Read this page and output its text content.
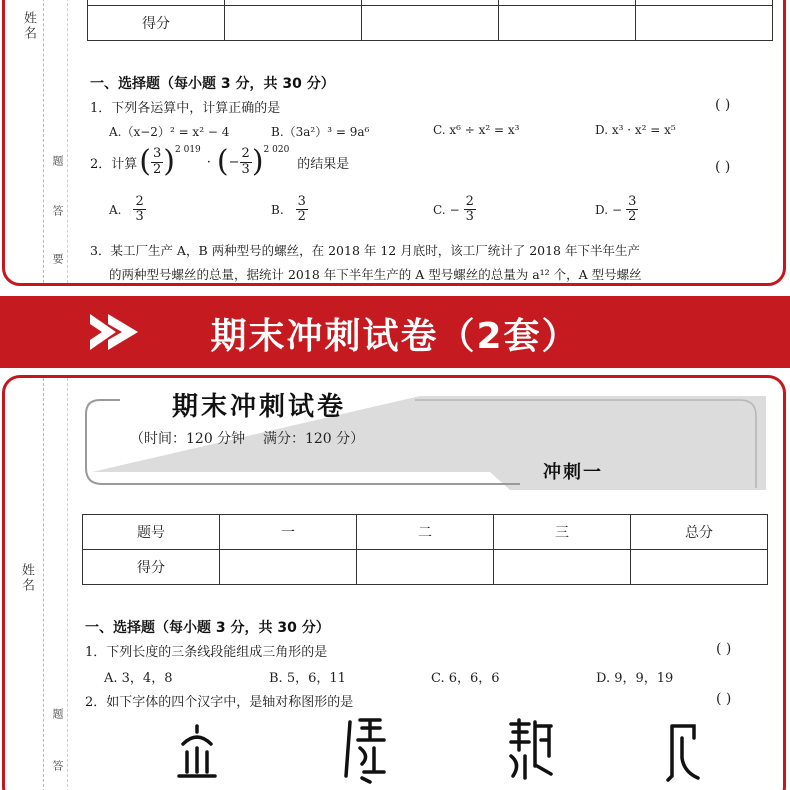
姓名
题
答
要

得分				
一、选择题（每小题 3 分，共 30 分）
1．下列各运算中，计算正确的是	( )
A.（x−2）² = x² − 4	B.（3a²）³ = 9a⁶	C. x⁶ ÷ x² = x³	D. x³ · x² = x⁵
2．计算 ( $\frac{3}{2}$ ) 2 019
· ( − $\frac{2}{3}$ ) 2 020
的结果是	( )
A. $\frac{2}{3}$	B. $\frac{3}{2}$	C. − $\frac{2}{3}$	D. − $\frac{3}{2}$
3．某工厂生产 A，B 两种型号的螺丝，在 2018 年 12 月底时，该工厂统计了 2018 年下半年生产
的两种型号螺丝的总量，据统计 2018 年下半年生产的 A 型号螺丝的总量为 a¹² 个，A 型号螺丝
期末冲刺试卷（2套）
姓名
题
答
期末冲刺试卷
（时间：120 分钟    满分：120 分）
冲刺一
题号	一	二	三	总分
得分				
一、选择题（每小题 3 分，共 30 分）
1．下列长度的三条线段能组成三角形的是	( )
A. 3，4，8	B. 5，6，11	C. 6，6，6	D. 9，9，19
2．如下字体的四个汉字中，是轴对称图形的是	( )
